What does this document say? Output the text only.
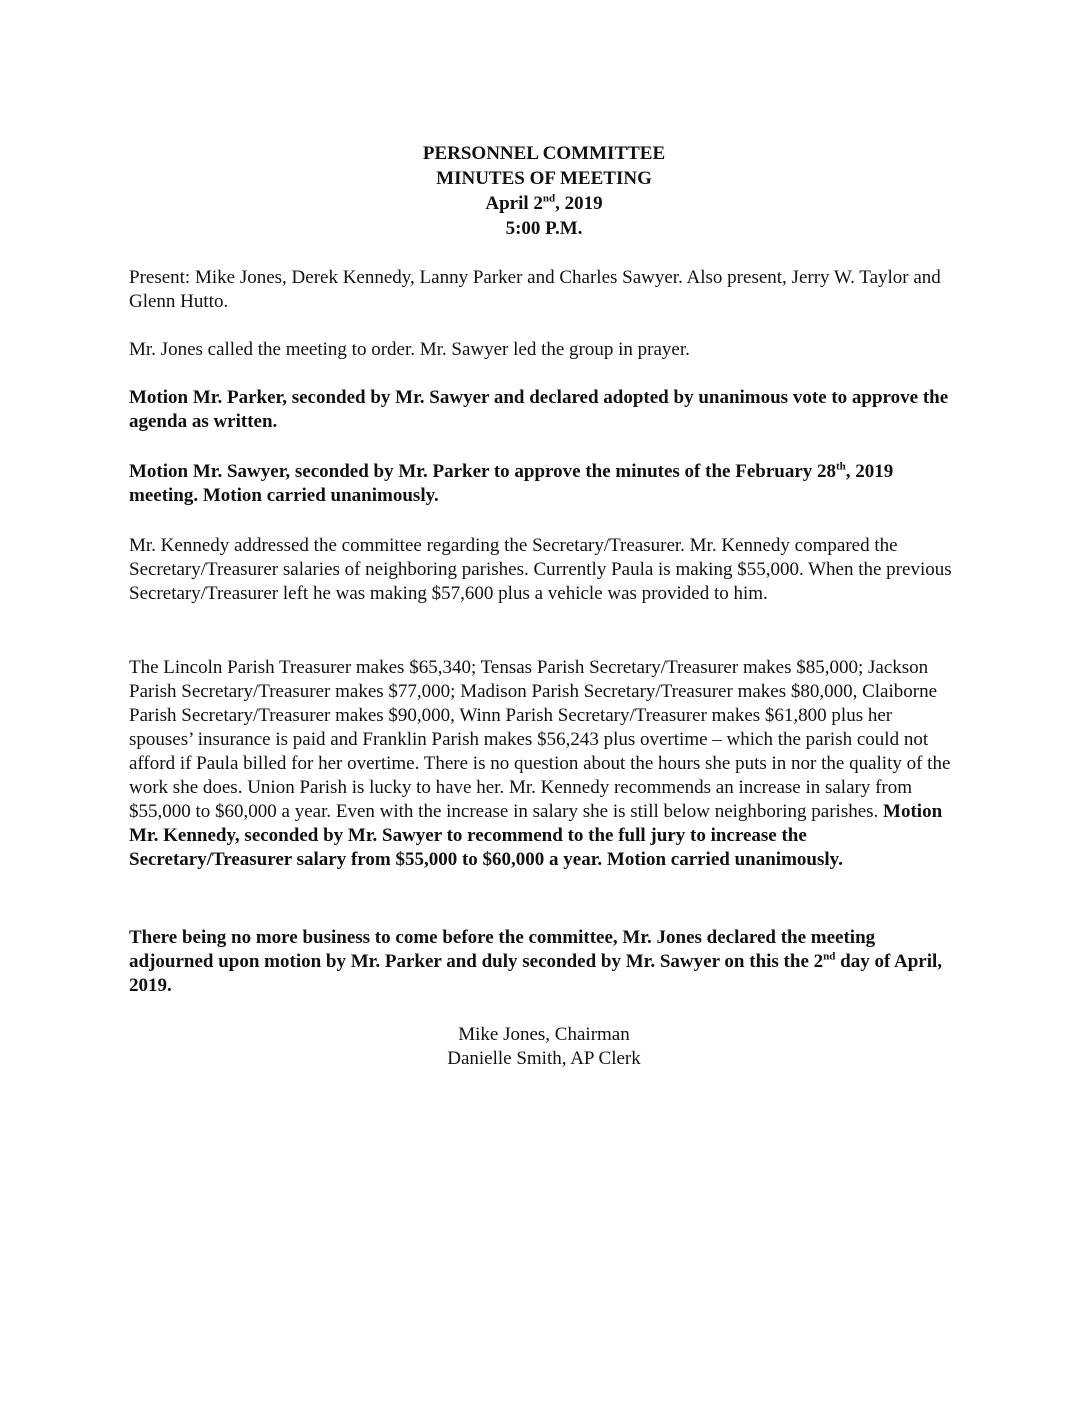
PERSONNEL COMMITTEE
MINUTES OF MEETING
April 2nd, 2019
5:00 P.M.

Present: Mike Jones, Derek Kennedy, Lanny Parker and Charles Sawyer. Also present, Jerry W. Taylor and Glenn Hutto.

Mr. Jones called the meeting to order. Mr. Sawyer led the group in prayer.

Motion Mr. Parker, seconded by Mr. Sawyer and declared adopted by unanimous vote to approve the agenda as written.

Motion Mr. Sawyer, seconded by Mr. Parker to approve the minutes of the February 28th, 2019 meeting. Motion carried unanimously.

Mr. Kennedy addressed the committee regarding the Secretary/Treasurer. Mr. Kennedy compared the Secretary/Treasurer salaries of neighboring parishes. Currently Paula is making $55,000. When the previous Secretary/Treasurer left he was making $57,600 plus a vehicle was provided to him.

The Lincoln Parish Treasurer makes $65,340; Tensas Parish Secretary/Treasurer makes $85,000; Jackson Parish Secretary/Treasurer makes $77,000; Madison Parish Secretary/Treasurer makes $80,000, Claiborne Parish Secretary/Treasurer makes $90,000, Winn Parish Secretary/Treasurer makes $61,800 plus her spouses’ insurance is paid and Franklin Parish makes $56,243 plus overtime – which the parish could not afford if Paula billed for her overtime. There is no question about the hours she puts in nor the quality of the work she does. Union Parish is lucky to have her. Mr. Kennedy recommends an increase in salary from $55,000 to $60,000 a year. Even with the increase in salary she is still below neighboring parishes. Motion Mr. Kennedy, seconded by Mr. Sawyer to recommend to the full jury to increase the Secretary/Treasurer salary from $55,000 to $60,000 a year. Motion carried unanimously.

There being no more business to come before the committee, Mr. Jones declared the meeting adjourned upon motion by Mr. Parker and duly seconded by Mr. Sawyer on this the 2nd day of April, 2019.

Mike Jones, Chairman
Danielle Smith, AP Clerk
